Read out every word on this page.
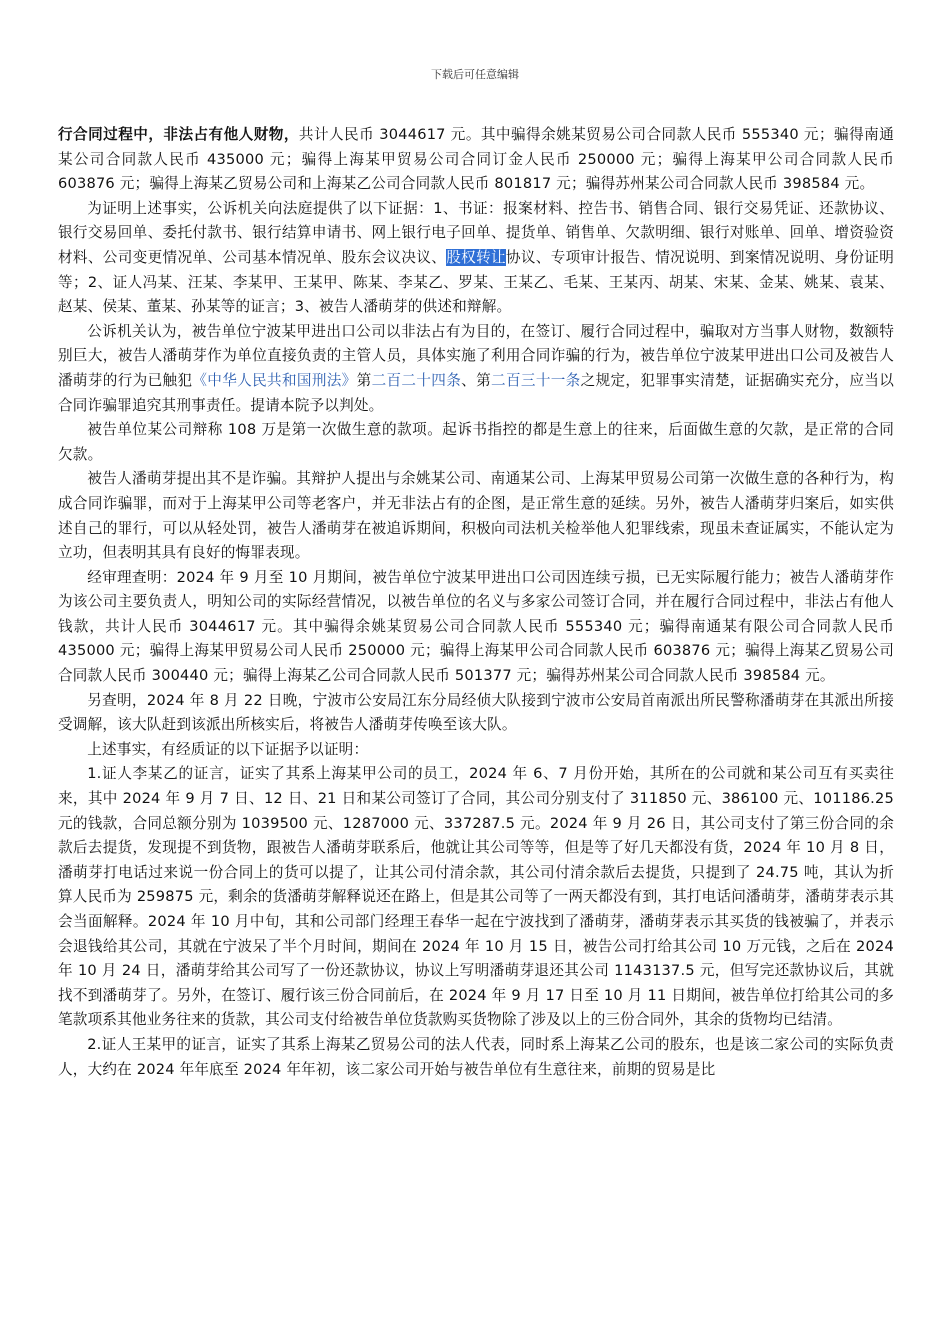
下载后可任意编辑

行合同过程中，非法占有他人财物，共计人民币 3044617 元。其中骗得余姚某贸易公司合同款人民币 555340 元；骗得南通某公司合同款人民币 435000 元；骗得上海某甲贸易公司合同订金人民币 250000 元；骗得上海某甲公司合同款人民币 603876 元；骗得上海某乙贸易公司和上海某乙公司合同款人民币 801817 元；骗得苏州某公司合同款人民币 398584 元。

为证明上述事实，公诉机关向法庭提供了以下证据：1、书证：报案材料、控告书、销售合同、银行交易凭证、还款协议、银行交易回单、委托付款书、银行结算申请书、网上银行电子回单、提货单、销售单、欠款明细、银行对账单、回单、增资验资材料、公司变更情况单、公司基本情况单、股东会议决议、股权转让协议、专项审计报告、情况说明、到案情况说明、身份证明等；2、证人冯某、汪某、李某甲、王某甲、陈某、李某乙、罗某、王某乙、毛某、王某丙、胡某、宋某、金某、姚某、袁某、赵某、侯某、董某、孙某等的证言；3、被告人潘萌芽的供述和辩解。

公诉机关认为，被告单位宁波某甲进出口公司以非法占有为目的，在签订、履行合同过程中，骗取对方当事人财物，数额特别巨大，被告人潘萌芽作为单位直接负责的主管人员，具体实施了利用合同诈骗的行为，被告单位宁波某甲进出口公司及被告人潘萌芽的行为已触犯《中华人民共和国刑法》第二百二十四条、第二百三十一条之规定，犯罪事实清楚，证据确实充分，应当以合同诈骗罪追究其刑事责任。提请本院予以判处。

被告单位某公司辩称 108 万是第一次做生意的款项。起诉书指控的都是生意上的往来，后面做生意的欠款，是正常的合同欠款。

被告人潘萌芽提出其不是诈骗。其辩护人提出与余姚某公司、南通某公司、上海某甲贸易公司第一次做生意的各种行为，构成合同诈骗罪，而对于上海某甲公司等老客户，并无非法占有的企图，是正常生意的延续。另外，被告人潘萌芽归案后，如实供述自己的罪行，可以从轻处罚，被告人潘萌芽在被追诉期间，积极向司法机关检举他人犯罪线索，现虽未查证属实，不能认定为立功，但表明其具有良好的悔罪表现。

经审理查明：2024 年 9 月至 10 月期间，被告单位宁波某甲进出口公司因连续亏损，已无实际履行能力；被告人潘萌芽作为该公司主要负责人，明知公司的实际经营情况，以被告单位的名义与多家公司签订合同，并在履行合同过程中，非法占有他人钱款，共计人民币 3044617 元。其中骗得余姚某贸易公司合同款人民币 555340 元；骗得南通某有限公司合同款人民币 435000 元；骗得上海某甲贸易公司人民币 250000 元；骗得上海某甲公司合同款人民币 603876 元；骗得上海某乙贸易公司合同款人民币 300440 元；骗得上海某乙公司合同款人民币 501377 元；骗得苏州某公司合同款人民币 398584 元。

另查明，2024 年 8 月 22 日晚，宁波市公安局江东分局经侦大队接到宁波市公安局首南派出所民警称潘萌芽在其派出所接受调解，该大队赶到该派出所核实后，将被告人潘萌芽传唤至该大队。

上述事实，有经质证的以下证据予以证明：

1.证人李某乙的证言，证实了其系上海某甲公司的员工，2024 年 6、7 月份开始，其所在的公司就和某公司互有买卖往来，其中 2024 年 9 月 7 日、12 日、21 日和某公司签订了合同，其公司分别支付了 311850 元、386100 元、101186.25 元的钱款，合同总额分别为 1039500 元、1287000 元、337287.5 元。2024 年 9 月 26 日，其公司支付了第三份合同的余款后去提货，发现提不到货物，跟被告人潘萌芽联系后，他就让其公司等等，但是等了好几天都没有货，2024 年 10 月 8 日，潘萌芽打电话过来说一份合同上的货可以提了，让其公司付清余款，其公司付清余款后去提货，只提到了 24.75 吨，其认为折算人民币为 259875 元，剩余的货潘萌芽解释说还在路上，但是其公司等了一两天都没有到，其打电话问潘萌芽，潘萌芽表示其会当面解释。2024 年 10 月中旬，其和公司部门经理王春华一起在宁波找到了潘萌芽，潘萌芽表示其买货的钱被骗了，并表示会退钱给其公司，其就在宁波呆了半个月时间，期间在 2024 年 10 月 15 日，被告公司打给其公司 10 万元钱，之后在 2024 年 10 月 24 日，潘萌芽给其公司写了一份还款协议，协议上写明潘萌芽退还其公司 1143137.5 元，但写完还款协议后，其就找不到潘萌芽了。另外，在签订、履行该三份合同前后，在 2024 年 9 月 17 日至 10 月 11 日期间，被告单位打给其公司的多笔款项系其他业务往来的货款，其公司支付给被告单位货款购买货物除了涉及以上的三份合同外，其余的货物均已结清。

2.证人王某甲的证言，证实了其系上海某乙贸易公司的法人代表，同时系上海某乙公司的股东，也是该二家公司的实际负责人，大约在 2024 年年底至 2024 年年初，该二家公司开始与被告单位有生意往来，前期的贸易是比
